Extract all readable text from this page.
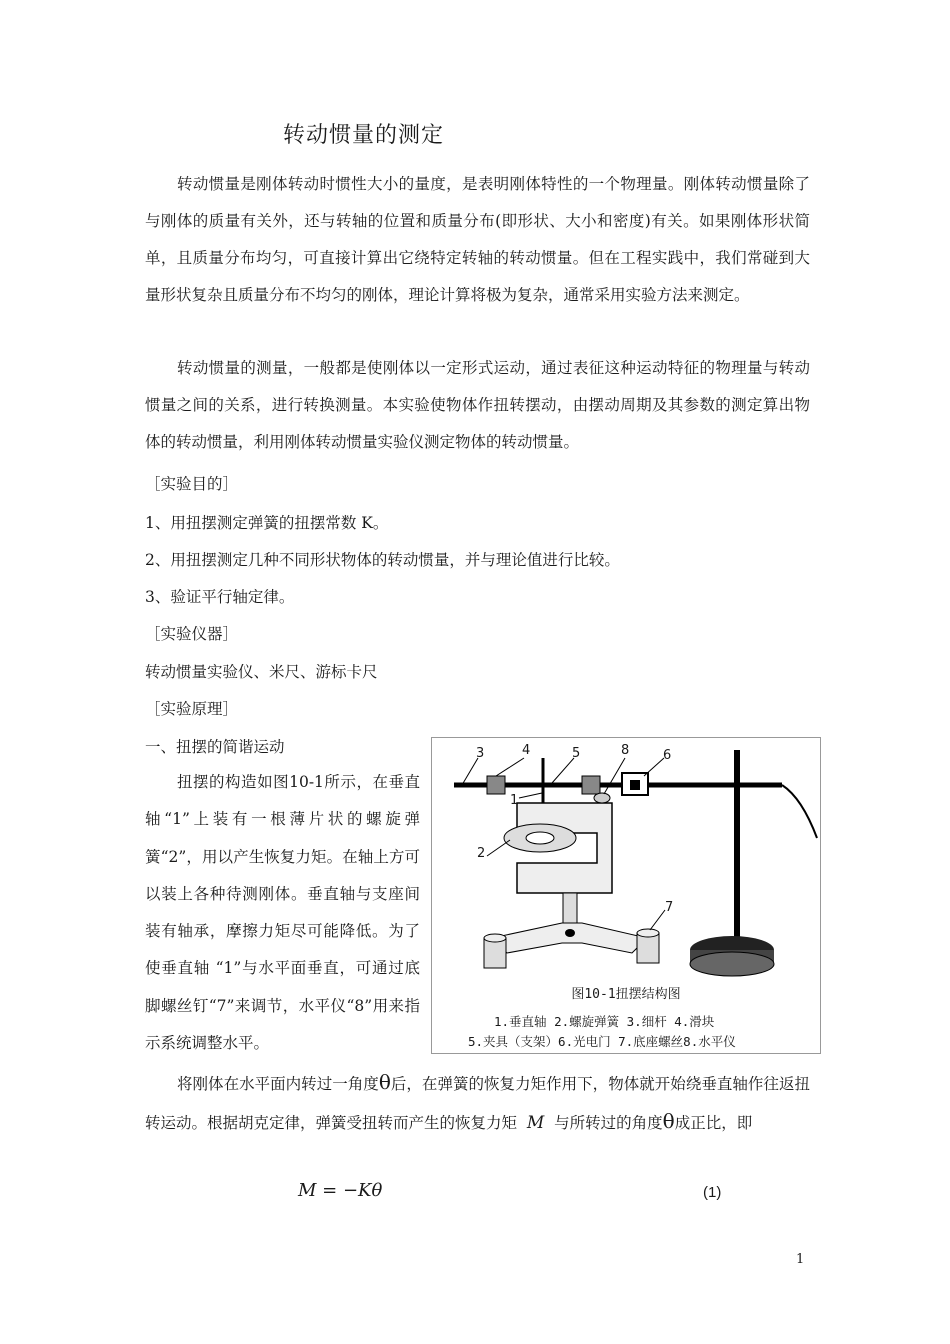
转动惯量的测定
转动惯量是刚体转动时惯性大小的量度，是表明刚体特性的一个物理量。刚体转动惯量除了与刚体的质量有关外，还与转轴的位置和质量分布(即形状、大小和密度)有关。如果刚体形状简单，且质量分布均匀，可直接计算出它绕特定转轴的转动惯量。但在工程实践中，我们常碰到大量形状复杂且质量分布不均匀的刚体，理论计算将极为复杂，通常采用实验方法来测定。
转动惯量的测量，一般都是使刚体以一定形式运动，通过表征这种运动特征的物理量与转动惯量之间的关系，进行转换测量。本实验使物体作扭转摆动，由摆动周期及其参数的测定算出物体的转动惯量，利用刚体转动惯量实验仪测定物体的转动惯量。
［实验目的］
1、用扭摆测定弹簧的扭摆常数 K。
2、用扭摆测定几种不同形状物体的转动惯量，并与理论值进行比较。
3、验证平行轴定律。
［实验仪器］
转动惯量实验仪、米尺、游标卡尺
［实验原理］
一、扭摆的简谐运动
扭摆的构造如图10-1所示，在垂直轴“1”上装有一根薄片状的螺旋弹簧“2”，用以产生恢复力矩。在轴上方可以装上各种待测刚体。垂直轴与支座间装有轴承，摩擦力矩尽可能降低。为了使垂直轴 “1”与水平面垂直，可通过底脚螺丝钉“7”来调节，水平仪“8”用来指示系统调整水平。
3	4	5	8	6
1
2
7
图10-1扭摆结构图
1.垂直轴 2.螺旋弹簧 3.细杆 4.滑块
5.夹具（支架）6.光电门 7.底座螺丝8.水平仪
将刚体在水平面内转过一角度θ后，在弹簧的恢复力矩作用下，物体就开始绕垂直轴作往返扭转运动。根据胡克定律，弹簧受扭转而产生的恢复力矩 M 与所转过的角度θ成正比，即
M = −Kθ	(1)
1
